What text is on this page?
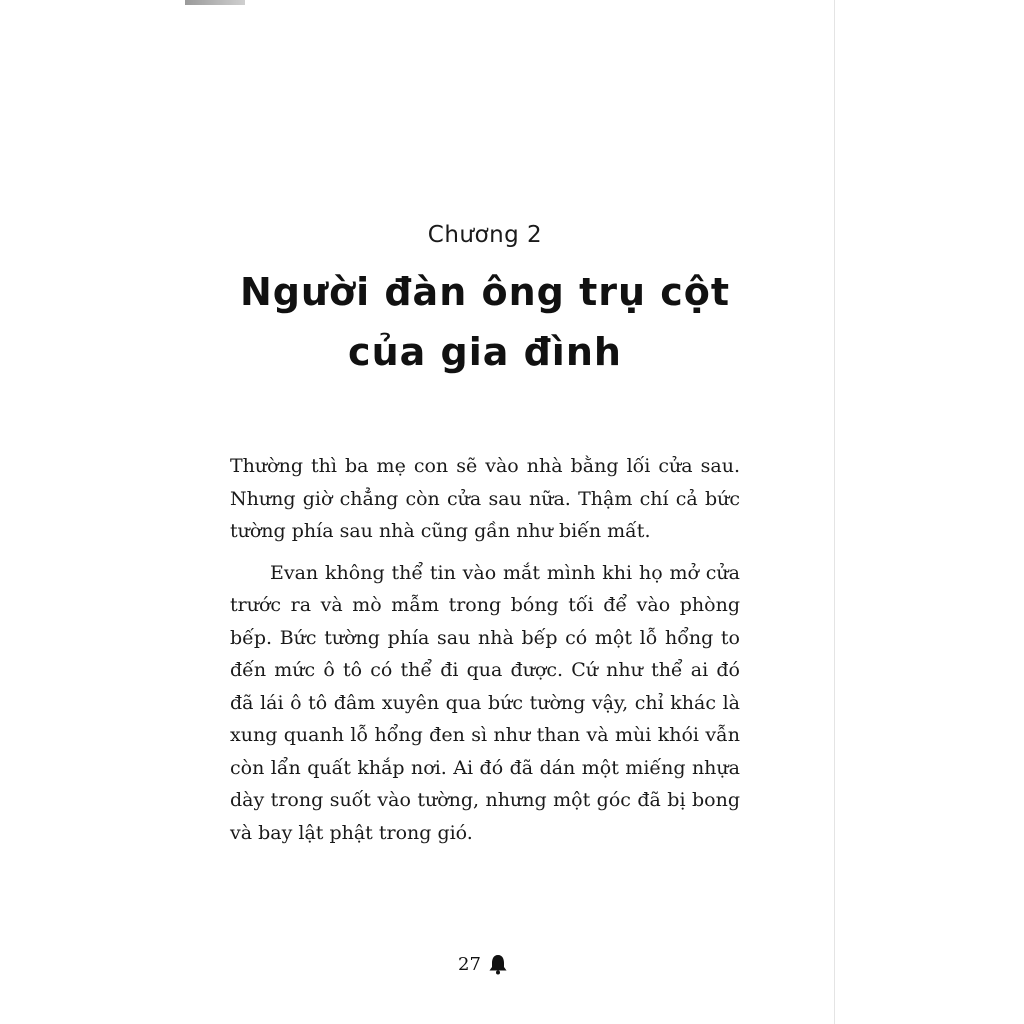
Chương 2
Người đàn ông trụ cột
của gia đình

Thường thì ba mẹ con sẽ vào nhà bằng lối cửa sau. Nhưng giờ chẳng còn cửa sau nữa. Thậm chí cả bức tường phía sau nhà cũng gần như biến mất.

Evan không thể tin vào mắt mình khi họ mở cửa trước ra và mò mẫm trong bóng tối để vào phòng bếp. Bức tường phía sau nhà bếp có một lỗ hổng to đến mức ô tô có thể đi qua được. Cứ như thể ai đó đã lái ô tô đâm xuyên qua bức tường vậy, chỉ khác là xung quanh lỗ hổng đen sì như than và mùi khói vẫn còn lẩn quất khắp nơi. Ai đó đã dán một miếng nhựa dày trong suốt vào tường, nhưng một góc đã bị bong và bay lật phật trong gió.

27
